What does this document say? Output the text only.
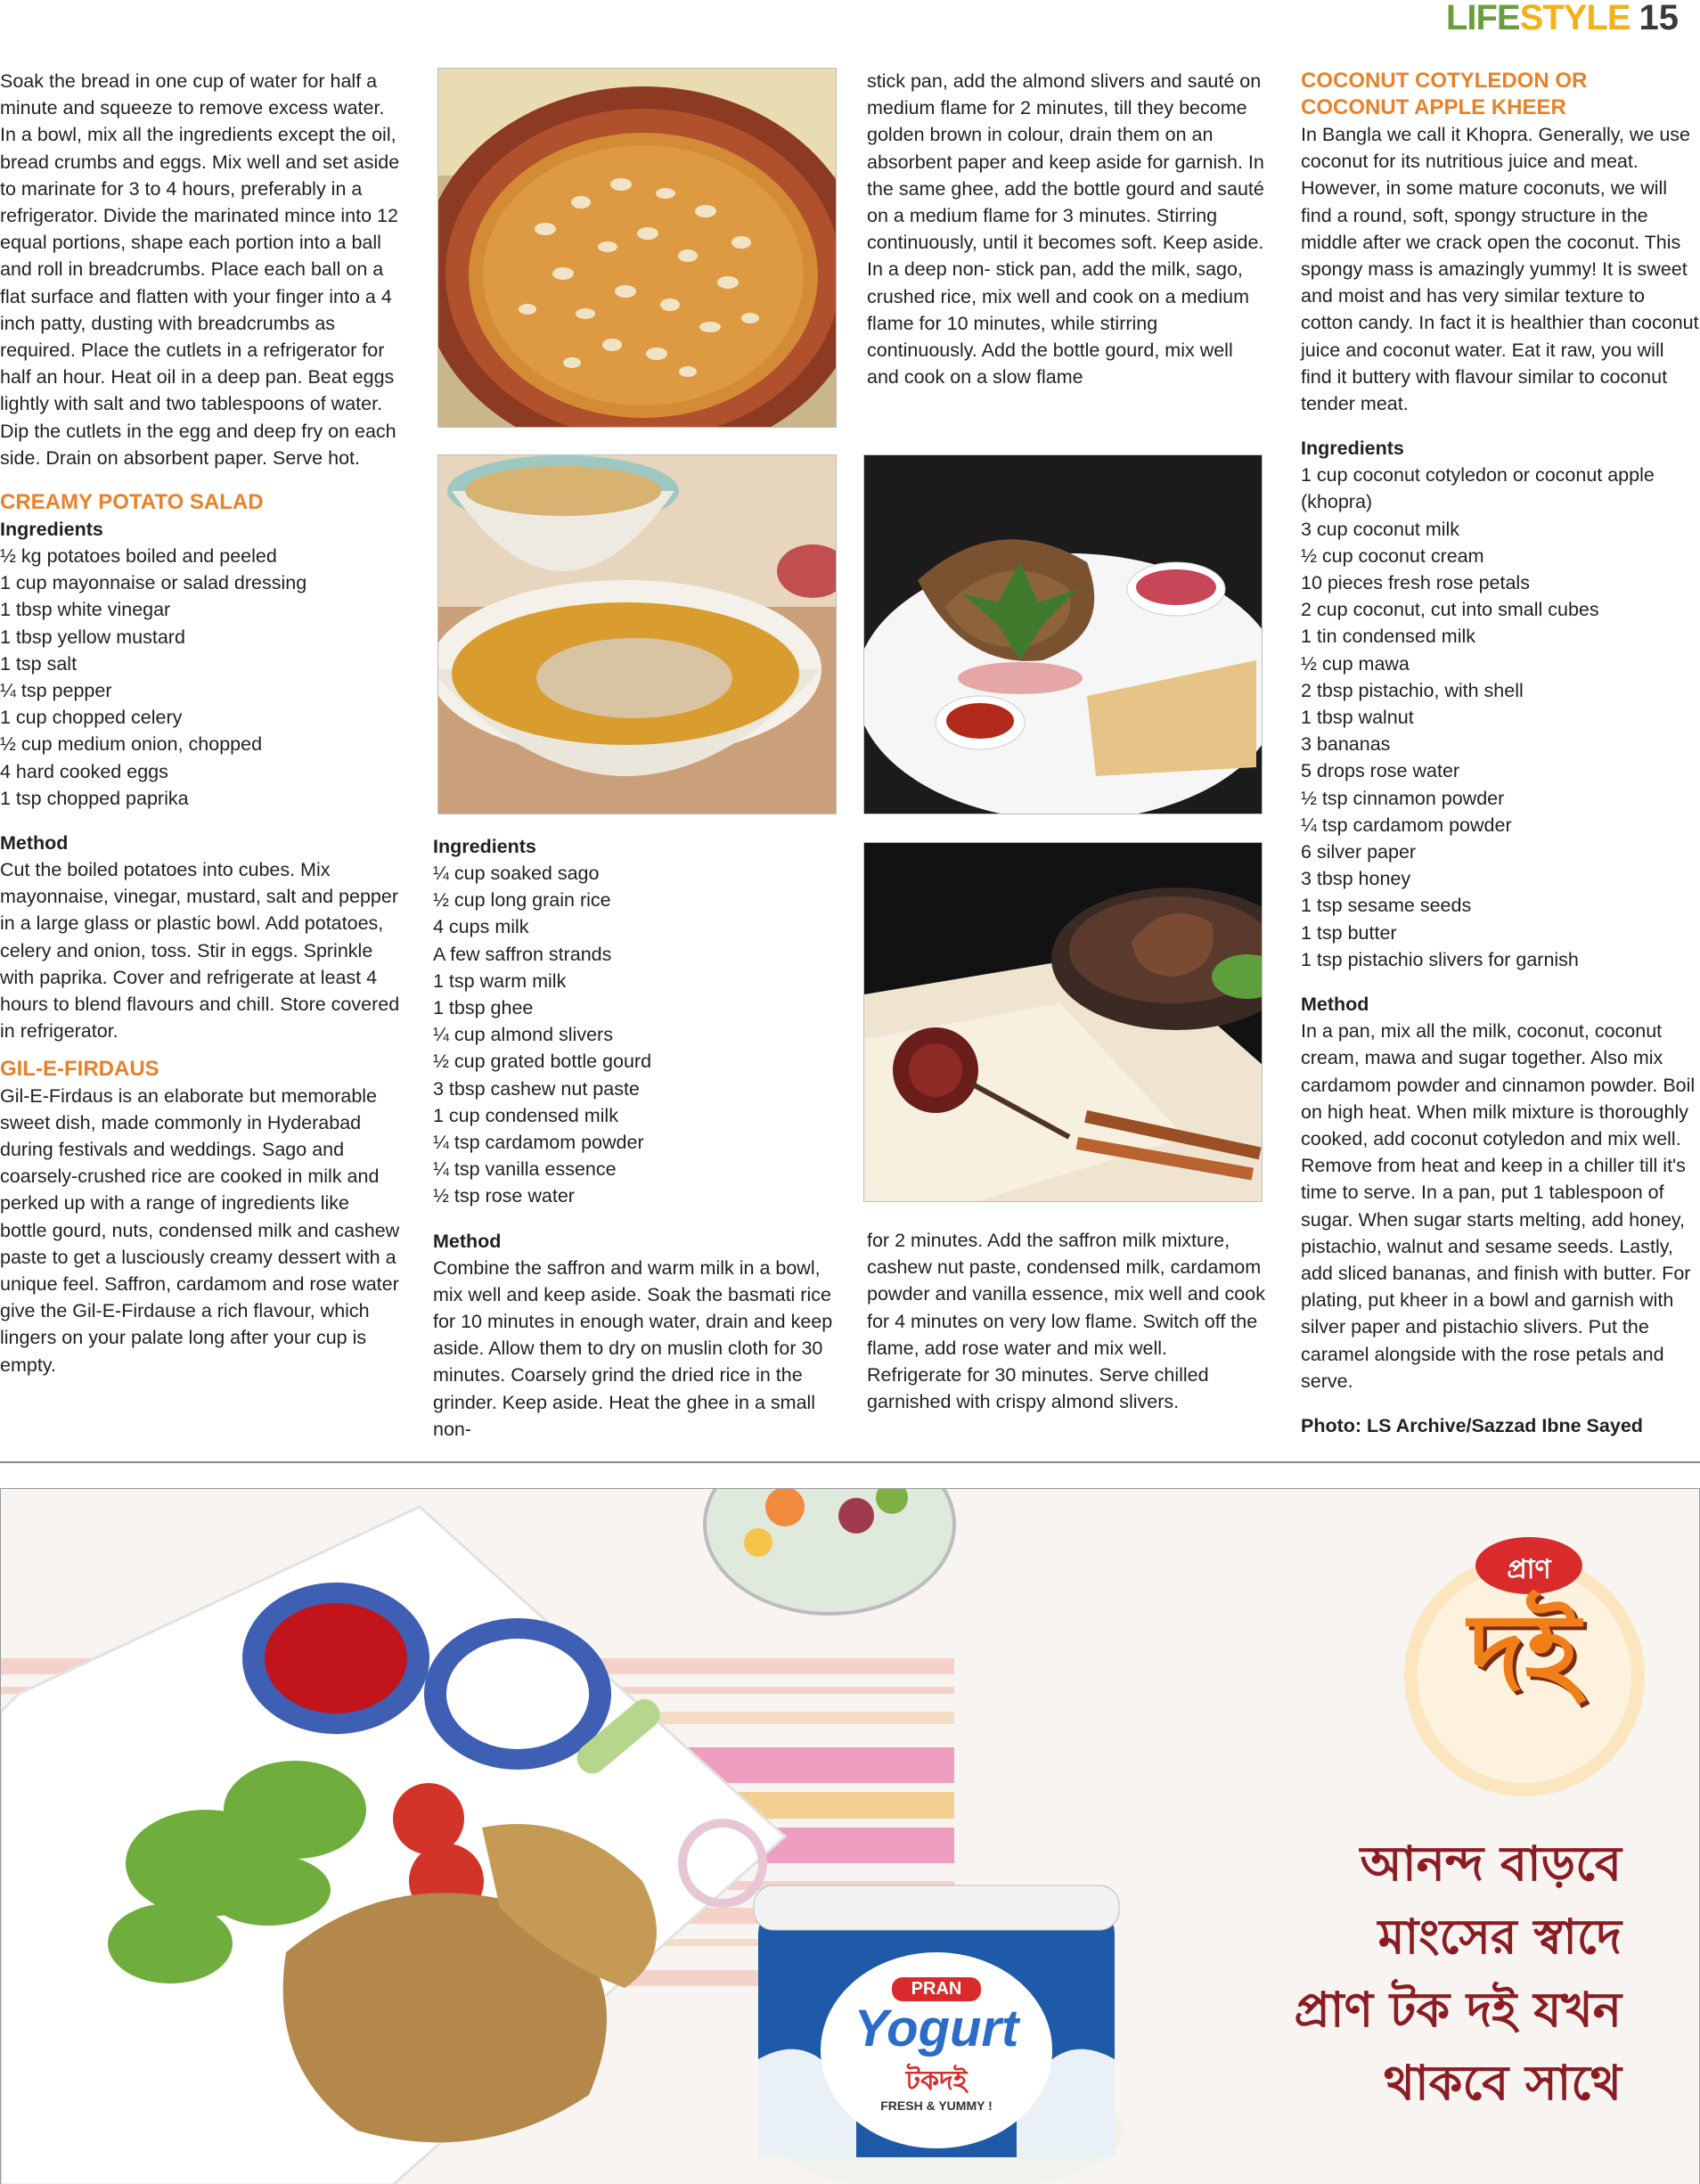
LIFESTYLE 15

Soak the bread in one cup of water for half a minute and squeeze to remove excess water. In a bowl, mix all the ingredients except the oil, bread crumbs and eggs. Mix well and set aside to marinate for 3 to 4 hours, preferably in a refrigerator. Divide the marinated mince into 12 equal portions, shape each portion into a ball and roll in breadcrumbs. Place each ball on a flat surface and flatten with your finger into a 4 inch patty, dusting with breadcrumbs as required. Place the cutlets in a refrigerator for half an hour. Heat oil in a deep pan. Beat eggs lightly with salt and two tablespoons of water. Dip the cutlets in the egg and deep fry on each side. Drain on absorbent paper. Serve hot.

CREAMY POTATO SALAD
Ingredients
½ kg potatoes boiled and peeled
1 cup mayonnaise or salad dressing
1 tbsp white vinegar
1 tbsp yellow mustard
1 tsp salt
¼ tsp pepper
1 cup chopped celery
½ cup medium onion, chopped
4 hard cooked eggs
1 tsp chopped paprika
Method

Cut the boiled potatoes into cubes. Mix mayonnaise, vinegar, mustard, salt and pepper in a large glass or plastic bowl. Add potatoes, celery and onion, toss. Stir in eggs. Sprinkle with paprika. Cover and refrigerate at least 4 hours to blend flavours and chill. Store covered in refrigerator.

GIL-E-FIRDAUS

Gil-E-Firdaus is an elaborate but memorable sweet dish, made commonly in Hyderabad during festivals and weddings. Sago and coarsely-crushed rice are cooked in milk and perked up with a range of ingredients like bottle gourd, nuts, condensed milk and cashew paste to get a lusciously creamy dessert with a unique feel. Saffron, cardamom and rose water give the Gil-E-Firdause a rich flavour, which lingers on your palate long after your cup is empty.

Ingredients
¼ cup soaked sago
½ cup long grain rice
4 cups milk
A few saffron strands
1 tsp warm milk
1 tbsp ghee
¼ cup almond slivers
½ cup grated bottle gourd
3 tbsp cashew nut paste
1 cup condensed milk
¼ tsp cardamom powder
¼ tsp vanilla essence
½ tsp rose water
Method

Combine the saffron and warm milk in a bowl, mix well and keep aside. Soak the basmati rice for 10 minutes in enough water, drain and keep aside. Allow them to dry on muslin cloth for 30 minutes. Coarsely grind the dried rice in the grinder. Keep aside. Heat the ghee in a small non-

stick pan, add the almond slivers and sauté on medium flame for 2 minutes, till they become golden brown in colour, drain them on an absorbent paper and keep aside for garnish. In the same ghee, add the bottle gourd and sauté on a medium flame for 3 minutes. Stirring continuously, until it becomes soft. Keep aside. In a deep non- stick pan, add the milk, sago, crushed rice, mix well and cook on a medium flame for 10 minutes, while stirring continuously. Add the bottle gourd, mix well and cook on a slow flame

for 2 minutes. Add the saffron milk mixture, cashew nut paste, condensed milk, cardamom powder and vanilla essence, mix well and cook for 4 minutes on very low flame. Switch off the flame, add rose water and mix well. Refrigerate for 30 minutes. Serve chilled garnished with crispy almond slivers.

COCONUT COTYLEDON OR
COCONUT APPLE KHEER

In Bangla we call it Khopra. Generally, we use coconut for its nutritious juice and meat. However, in some mature coconuts, we will find a round, soft, spongy structure in the middle after we crack open the coconut. This spongy mass is amazingly yummy! It is sweet and moist and has very similar texture to cotton candy. In fact it is healthier than coconut juice and coconut water. Eat it raw, you will find it buttery with flavour similar to coconut tender meat.

Ingredients
1 cup coconut cotyledon or coconut apple (khopra)
3 cup coconut milk
½ cup coconut cream
10 pieces fresh rose petals
2 cup coconut, cut into small cubes
1 tin condensed milk
½ cup mawa
2 tbsp pistachio, with shell
1 tbsp walnut
3 bananas
5 drops rose water
½ tsp cinnamon powder
¼ tsp cardamom powder
6 silver paper
3 tbsp honey
1 tsp sesame seeds
1 tsp butter
1 tsp pistachio slivers for garnish
Method

In a pan, mix all the milk, coconut, coconut cream, mawa and sugar together. Also mix cardamom powder and cinnamon powder. Boil on high heat. When milk mixture is thoroughly cooked, add coconut cotyledon and mix well. Remove from heat and keep in a chiller till it's time to serve. In a pan, put 1 tablespoon of sugar. When sugar starts melting, add honey, pistachio, walnut and sesame seeds. Lastly, add sliced bananas, and finish with butter. For plating, put kheer in a bowl and garnish with silver paper and pistachio slivers. Put the caramel alongside with the rose petals and serve.

Photo: LS Archive/Sazzad Ibne Sayed
প্রাণ
দই
PRAN
Yogurt
টকদই
FRESH & YUMMY !
আনন্দ বাড়বে
মাংসের স্বাদে
প্রাণ টক দই যখন
থাকবে সাথে
